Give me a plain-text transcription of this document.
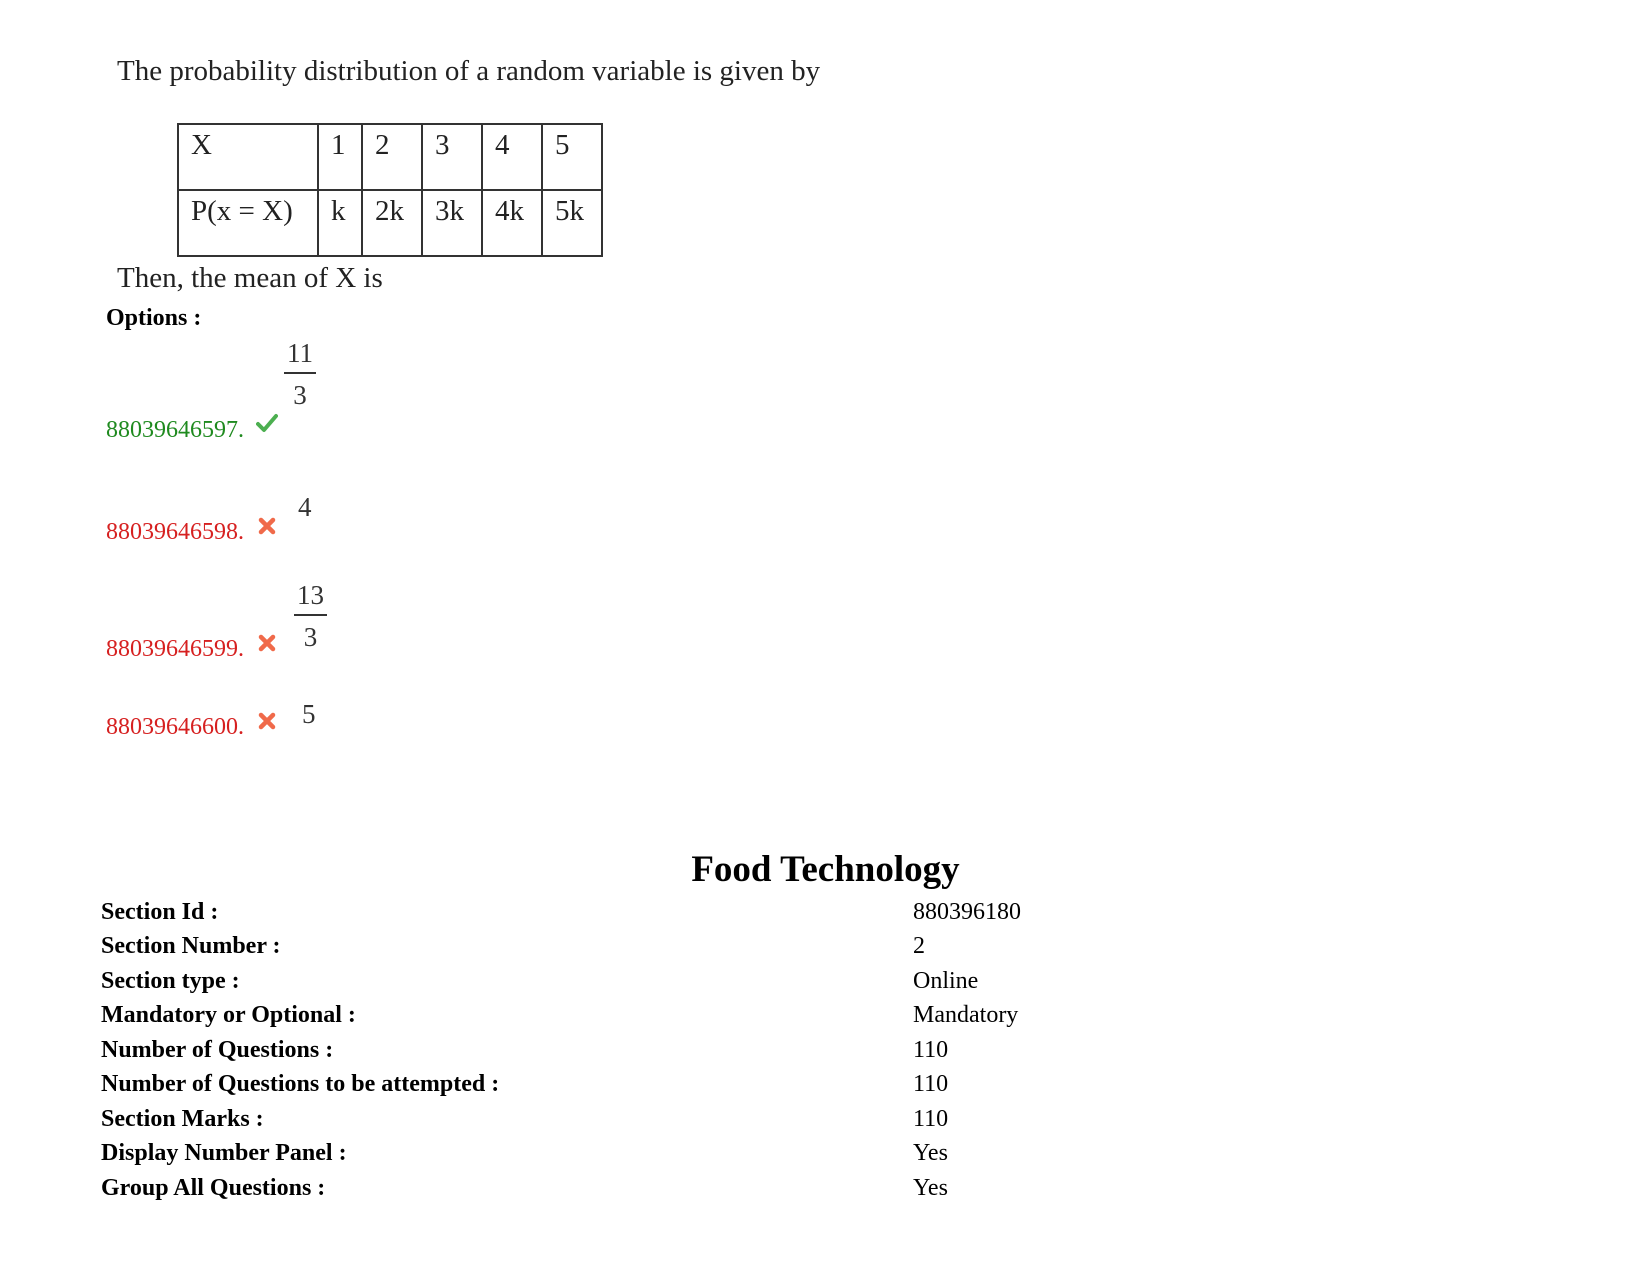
The probability distribution of a random variable is given by
X	1	2	3	4	5
P(x = X)	k	2k	3k	4k	5k
Then, the mean of X is
Options :
88039646597.
$\frac{11}{3}$
88039646598.
4
88039646599. $\frac{13}{3}$
88039646600. 5
Food Technology
Section Id :	880396180
Section Number :	2
Section type :	Online
Mandatory or Optional :	Mandatory
Number of Questions :	110
Number of Questions to be attempted :	110
Section Marks :	110
Display Number Panel :	Yes
Group All Questions :	Yes
